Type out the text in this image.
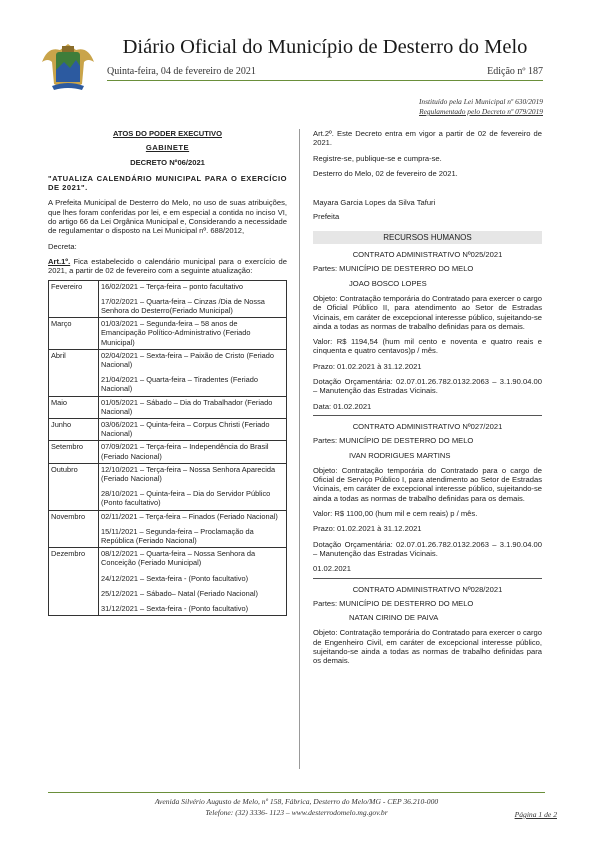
Diário Oficial do Município de Desterro do Melo
Quinta-feira, 04 de fevereiro de 2021	Edição nº 187
Instituído pela Lei Municipal nº 630/2019
Regulamentado pelo Decreto nº 079/2019
ATOS DO PODER EXECUTIVO
GABINETE
DECRETO Nº06/2021

"ATUALIZA CALENDÁRIO MUNICIPAL PARA O EXERCÍCIO DE 2021".

A Prefeita Municipal de Desterro do Melo, no uso de suas atribuições, que lhes foram conferidas por lei, e em especial a contida no inciso VI, do artigo 66 da Lei Orgânica Municipal e, Considerando a necessidade de regulamentar o disposto na Lei Municipal nº. 688/2012,

Decreta:

Art.1º. Fica estabelecido o calendário municipal para o exercício de 2021, a partir de 02 de fevereiro com a seguinte atualização:
Fevereiro	16/02/2021 – Terça-feira – ponto facultativo
17/02/2021 – Quarta-feira – Cinzas /Dia de Nossa Senhora do Desterro(Feriado Municipal)

Março	01/03/2021 – Segunda-feira – 58 anos de Emancipação Político-Administrativo (Feriado Municipal)

Abril	02/04/2021 – Sexta-feira – Paixão de Cristo (Feriado Nacional)
21/04/2021 – Quarta-feira – Tiradentes (Feriado Nacional)

Maio	01/05/2021 – Sábado – Dia do Trabalhador (Feriado Nacional)

Junho	03/06/2021 – Quinta-feira – Corpus Christi (Feriado Nacional)

Setembro	07/09/2021 – Terça-feira – Independência do Brasil (Feriado Nacional)

Outubro	12/10/2021 – Terça-feira – Nossa Senhora Aparecida (Feriado Nacional)
28/10/2021 – Quinta-feira – Dia do Servidor Público (Ponto facultativo)

Novembro	02/11/2021 – Terça-feira – Finados (Feriado Nacional)
15/11/2021 – Segunda-feira – Proclamação da República (Feriado Nacional)

Dezembro	08/12/2021 – Quarta-feira – Nossa Senhora da Conceição (Feriado Municipal)
24/12/2021 – Sexta-feira - (Ponto facultativo)
25/12/2021 – Sábado– Natal (Feriado Nacional)
31/12/2021 – Sexta-feira - (Ponto facultativo)

Art.2º. Este Decreto entra em vigor a partir de 02 de fevereiro de 2021.

Registre-se, publique-se e cumpra-se.

Desterro do Melo, 02 de fevereiro de 2021.

Mayara Garcia Lopes da Silva Tafuri

Prefeita

RECURSOS HUMANOS
CONTRATO ADMINISTRATIVO Nº025/2021
Partes: MUNICÍPIO DE DESTERRO DO MELO
JOAO BOSCO LOPES

Objeto: Contratação temporária do Contratado para exercer o cargo de Oficial Público II, para atendimento ao Setor de Estradas Vicinais, em caráter de excepcional interesse público, sujeitando-se ainda a todas as normas de trabalho definidas para os demais.

Valor: R$ 1194,54 (hum mil cento e noventa e quatro reais e cinquenta e quatro centavos)p / mês.

Prazo: 01.02.2021 à 31.12.2021

Dotação Orçamentária: 02.07.01.26.782.0132.2063 – 3.1.90.04.00 – Manutenção das Estradas Vicinais.

Data: 01.02.2021

CONTRATO ADMINISTRATIVO Nº027/2021
Partes: MUNICÍPIO DE DESTERRO DO MELO
IVAN RODRIGUES MARTINS

Objeto: Contratação temporária do Contratado para o cargo de Oficial de Serviço Público I, para atendimento ao Setor de Estradas Vicinais, em caráter de excepcional interesse público, sujeitando-se ainda a todas as normas de trabalho definidas para os demais.

Valor: R$ 1100,00 (hum mil e cem reais) p / mês.

Prazo: 01.02.2021 à 31.12.2021

Dotação Orçamentária: 02.07.01.26.782.0132.2063 – 3.1.90.04.00 – Manutenção das Estradas Vicinais.

01.02.2021

CONTRATO ADMINISTRATIVO Nº028/2021
Partes: MUNICÍPIO DE DESTERRO DO MELO
NATAN CIRINO DE PAIVA

Objeto: Contratação temporária do Contratado para exercer o cargo de Engenheiro Civil, em caráter de excepcional interesse público, sujeitando-se ainda a todas as normas de trabalho definidas para os demais.

Avenida Silvério Augusto de Melo, nº 158, Fábrica, Desterro do Melo/MG - CEP 36.210-000
Telefone: (32) 3336- 1123 – www.desterrodomelo.mg.gov.br	Página 1 de 2
